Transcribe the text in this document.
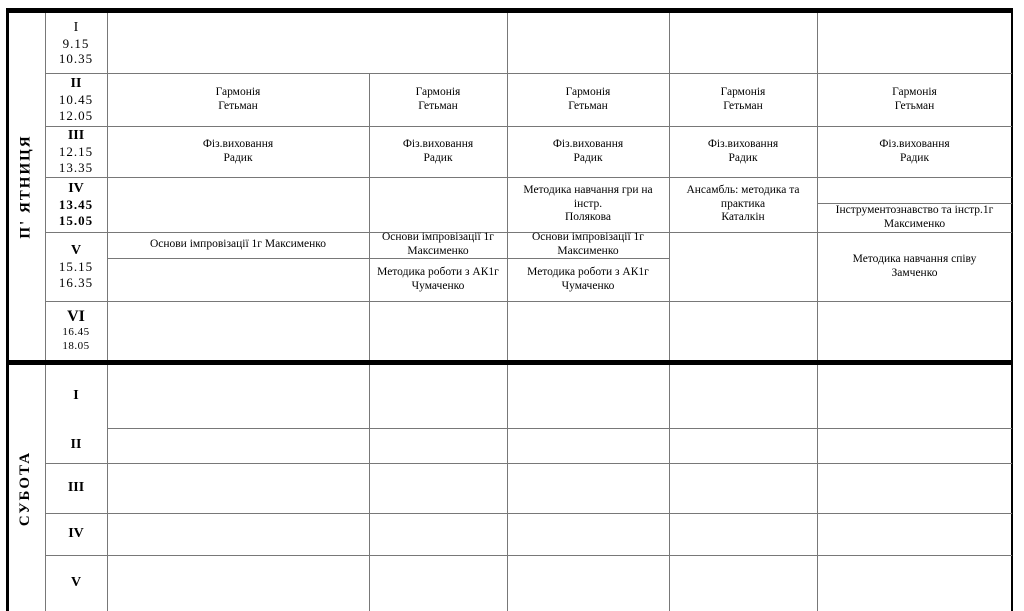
П' ЯТНИЦЯ
СУБОТА
I
9.15
10.35
II
10.45
12.05
III
12.15
13.35
IV
13.45
15.05
V
15.15
16.35
VI
16.45
18.05
I
II
III
IV
V
Гармонія
Гетьман
Гармонія
Гетьман
Гармонія
Гетьман
Гармонія
Гетьман
Гармонія
Гетьман
Фіз.виховання
Радик
Фіз.виховання
Радик
Фіз.виховання
Радик
Фіз.виховання
Радик
Фіз.виховання
Радик
Методика навчання гри на інстр.
Полякова
Ансамбль: методика та практика
Каталкін
Інструментознавство та інстр.1г
Максименко
Основи імпровізації 1г
Максименко
Основи імпровізації 1г
Максименко
Основи імпровізації 1г
Максименко
Методика роботи з АК1г
Чумаченко
Методика роботи з АК1г
Чумаченко
Методика навчання співу
Замченко
